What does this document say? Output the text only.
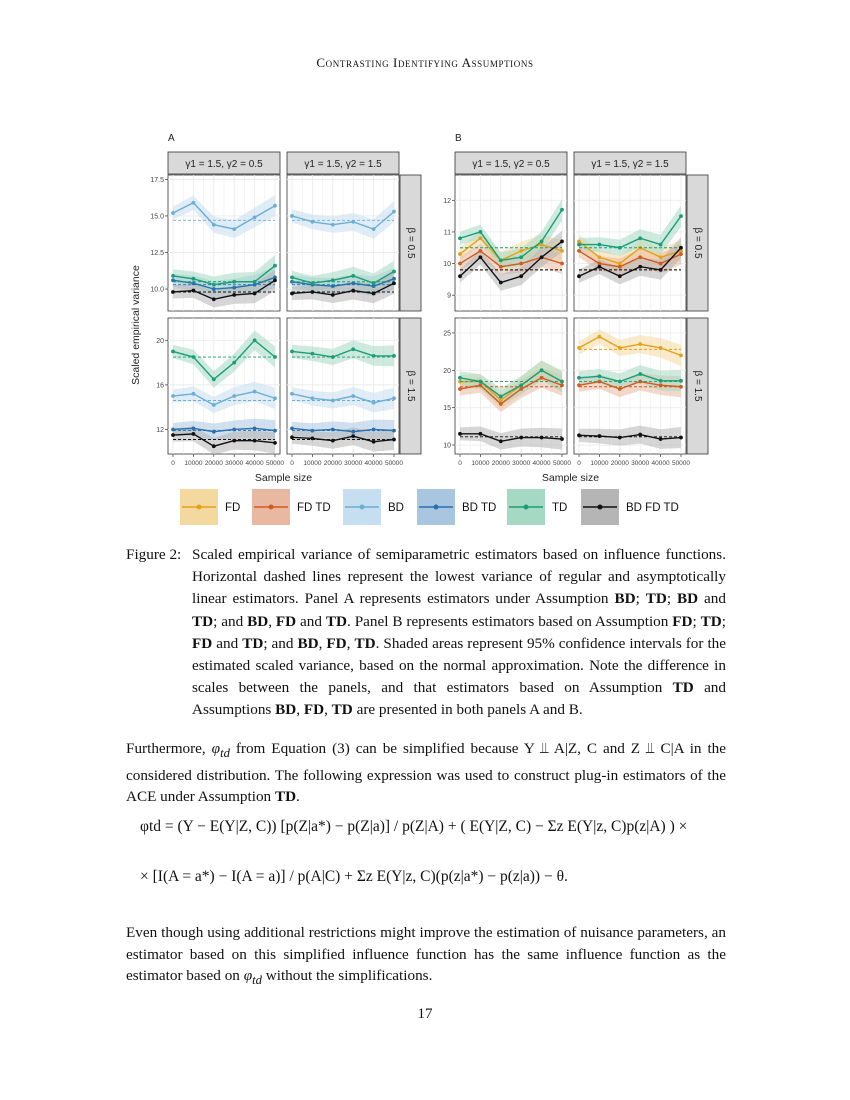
Contrasting Identifying Assumptions
A
γ1 = 1.5, γ2 = 0.5	γ1 = 1.5, γ2 = 1.5
β = 0.5
β = 1.5
17.5
15.0
12.5
10.0
20
16
12
0 10000 20000 30000 40000 50000 0 10000 20000 30000 40000 50000
Sample size
B
γ1 = 1.5, γ2 = 0.5	γ1 = 1.5, γ2 = 1.5
β = 0.5
β = 1.5
12
11
10
9
25
20
15
10
0 10000 20000 30000 40000 50000 0 10000 20000 30000 40000 50000
Sample size
Scaled empirical variance
FD	FD TD	BD	BD TD	TD	BD FD TD
Figure 2: Scaled empirical variance of semiparametric estimators based on influence functions. Horizontal dashed lines represent the lowest variance of regular and asymptotically linear estimators. Panel A represents estimators under Assumption BD; TD; BD and TD; and BD, FD and TD. Panel B represents estimators based on Assumption FD; TD; FD and TD; and BD, FD, TD. Shaded areas represent 95% confidence intervals for the estimated scaled variance, based on the normal approximation. Note the difference in scales between the panels, and that estimators based on Assumption TD and Assumptions BD, FD, TD are presented in both panels A and B.
Furthermore, $\varphi_{td}$ from Equation (3) can be simplified because Y ⫫ A|Z, C and Z ⫫ C|A in the considered distribution. The following expression was used to construct plug-in estimators of the ACE under Assumption TD.
φtd = (Y − E(Y|Z, C)) [p(Z|a*) − p(Z|a)] / p(Z|A) + ( E(Y|Z, C) − Σz E(Y|z, C)p(z|A) ) ×
× [I(A = a*) − I(A = a)] / p(A|C) + Σz E(Y|z, C)(p(z|a*) − p(z|a)) − θ.
Even though using additional restrictions might improve the estimation of nuisance parameters, an estimator based on this simplified influence function has the same influence function as the estimator based on $\varphi_{td}$ without the simplifications.
17
